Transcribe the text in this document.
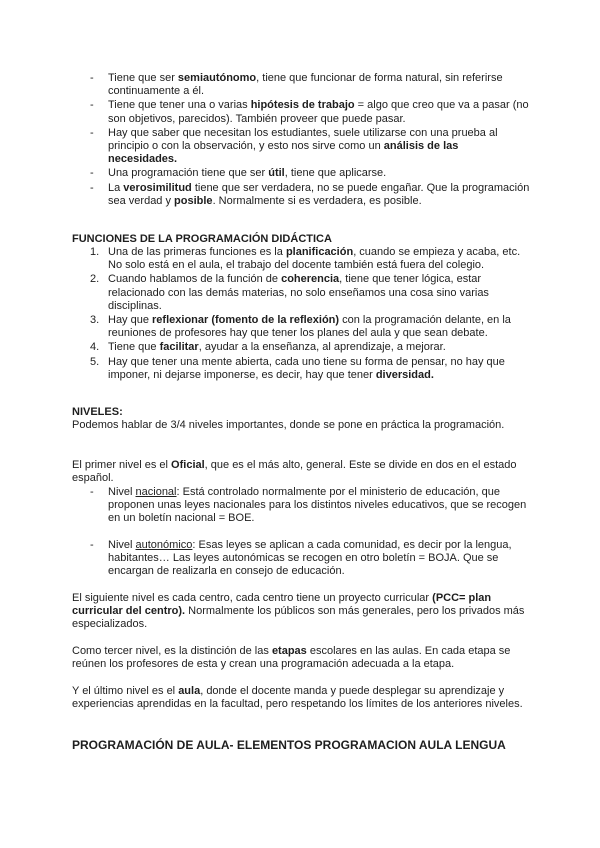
- Tiene que ser semiautónomo, tiene que funcionar de forma natural, sin referirse continuamente a él.
- Tiene que tener una o varias hipótesis de trabajo = algo que creo que va a pasar (no son objetivos, parecidos). También proveer que puede pasar.
- Hay que saber que necesitan los estudiantes, suele utilizarse con una prueba al principio o con la observación, y esto nos sirve como un análisis de las necesidades.
- Una programación tiene que ser útil, tiene que aplicarse.
- La verosimilitud tiene que ser verdadera, no se puede engañar. Que la programación sea verdad y posible. Normalmente si es verdadera, es posible.
FUNCIONES DE LA PROGRAMACIÓN DIDÁCTICA
1. Una de las primeras funciones es la planificación, cuando se empieza y acaba, etc. No solo está en el aula, el trabajo del docente también está fuera del colegio.
2. Cuando hablamos de la función de coherencia, tiene que tener lógica, estar relacionado con las demás materias, no solo enseñamos una cosa sino varias disciplinas.
3. Hay que reflexionar (fomento de la reflexión) con la programación delante, en la reuniones de profesores hay que tener los planes del aula y que sean debate.
4. Tiene que facilitar, ayudar a la enseñanza, al aprendizaje, a mejorar.
5. Hay que tener una mente abierta, cada uno tiene su forma de pensar, no hay que imponer, ni dejarse imponerse, es decir, hay que tener diversidad.
NIVELES:
Podemos hablar de 3/4 niveles importantes, donde se pone en práctica la programación.
El primer nivel es el Oficial, que es el más alto, general. Este se divide en dos en el estado español.
- Nivel nacional: Está controlado normalmente por el ministerio de educación, que proponen unas leyes nacionales para los distintos niveles educativos, que se recogen en un boletín nacional = BOE.
- Nivel autonómico: Esas leyes se aplican a cada comunidad, es decir por la lengua, habitantes… Las leyes autonómicas se recogen en otro boletín = BOJA. Que se encargan de realizarla en consejo de educación.
El siguiente nivel es cada centro, cada centro tiene un proyecto curricular (PCC= plan curricular del centro). Normalmente los públicos son más generales, pero los privados más especializados.
Como tercer nivel, es la distinción de las etapas escolares en las aulas. En cada etapa se reúnen los profesores de esta y crean una programación adecuada a la etapa.
Y el último nivel es el aula, donde el docente manda y puede desplegar su aprendizaje y experiencias aprendidas en la facultad, pero respetando los límites de los anteriores niveles.
PROGRAMACIÓN DE AULA- ELEMENTOS PROGRAMACION AULA LENGUA
